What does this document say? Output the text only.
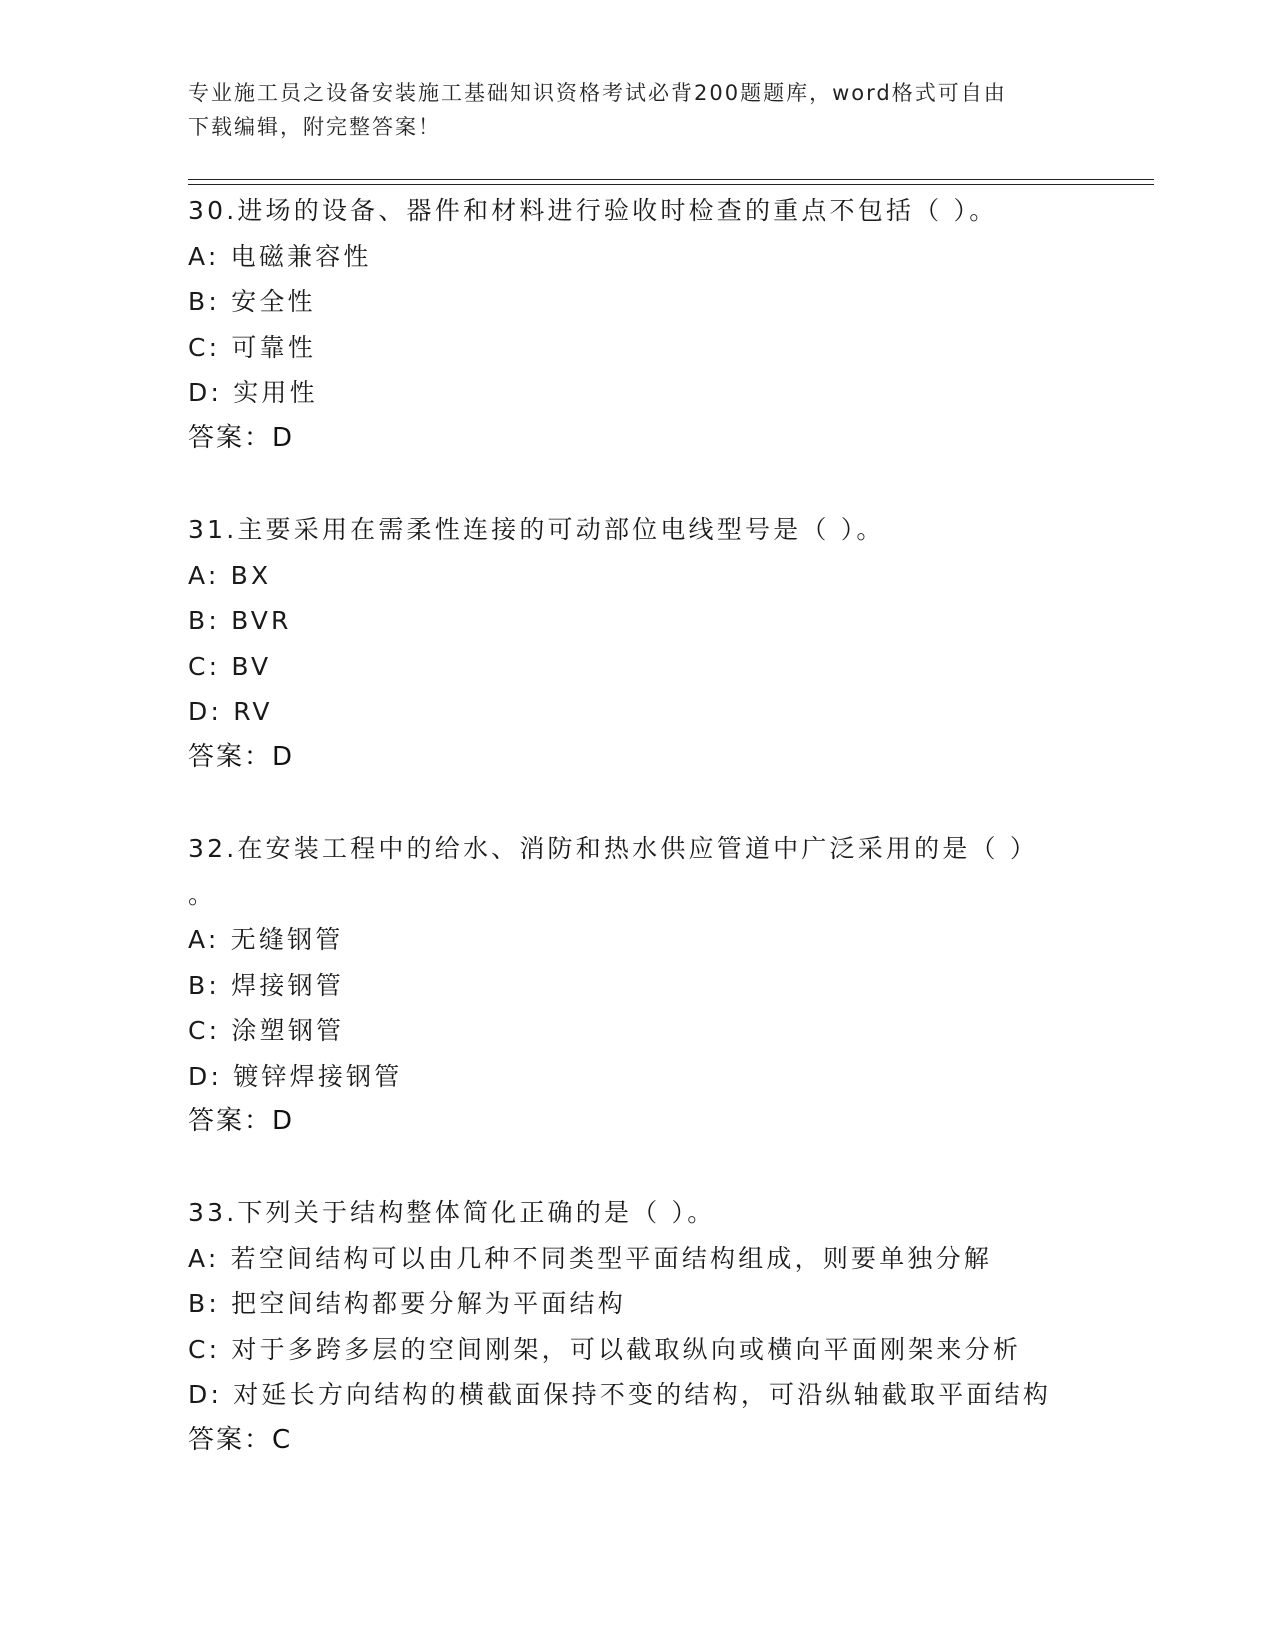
专业施工员之设备安装施工基础知识资格考试必背200题题库，word格式可自由
下载编辑，附完整答案！
30.进场的设备、器件和材料进行验收时检查的重点不包括（ ）。
A: 电磁兼容性
B: 安全性
C: 可靠性
D: 实用性
答案：D
31.主要采用在需柔性连接的可动部位电线型号是（ ）。
A: BX
B: BVR
C: BV
D: RV
答案：D
32.在安装工程中的给水、消防和热水供应管道中广泛采用的是（ ）
。
A: 无缝钢管
B: 焊接钢管
C: 涂塑钢管
D: 镀锌焊接钢管
答案：D
33.下列关于结构整体简化正确的是（ ）。
A: 若空间结构可以由几种不同类型平面结构组成，则要单独分解
B: 把空间结构都要分解为平面结构
C: 对于多跨多层的空间刚架，可以截取纵向或横向平面刚架来分析
D: 对延长方向结构的横截面保持不变的结构，可沿纵轴截取平面结构
答案：C
